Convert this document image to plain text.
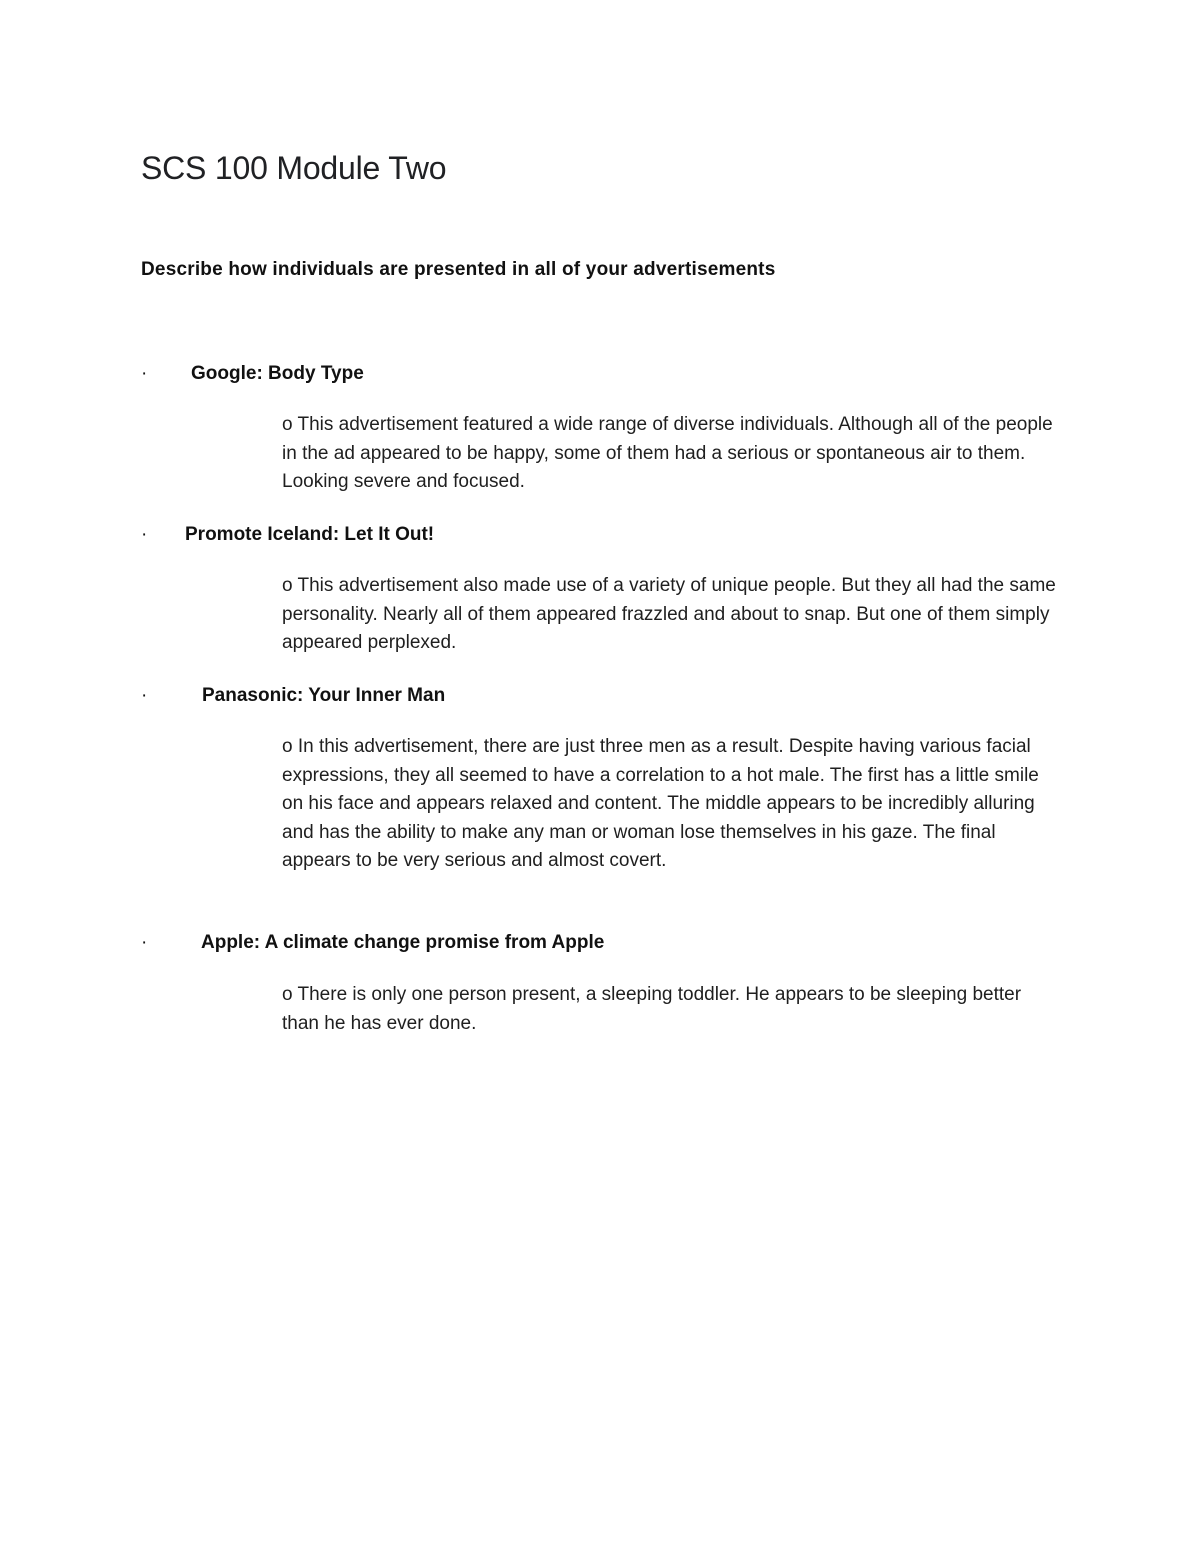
SCS 100 Module Two

Describe how individuals are presented in all of your advertisements

· Google: Body Type

o This advertisement featured a wide range of diverse individuals. Although all of the people in the ad appeared to be happy, some of them had a serious or spontaneous air to them. Looking severe and focused.

· Promote Iceland: Let It Out!

o This advertisement also made use of a variety of unique people. But they all had the same personality. Nearly all of them appeared frazzled and about to snap. But one of them simply appeared perplexed.

·	Panasonic: Your Inner Man

o In this advertisement, there are just three men as a result. Despite having various facial expressions, they all seemed to have a correlation to a hot male. The first has a little smile on his face and appears relaxed and content. The middle appears to be incredibly alluring and has the ability to make any man or woman lose themselves in his gaze. The final appears to be very serious and almost covert.

·	Apple: A climate change promise from Apple

o There is only one person present, a sleeping toddler. He appears to be sleeping better than he has ever done.
